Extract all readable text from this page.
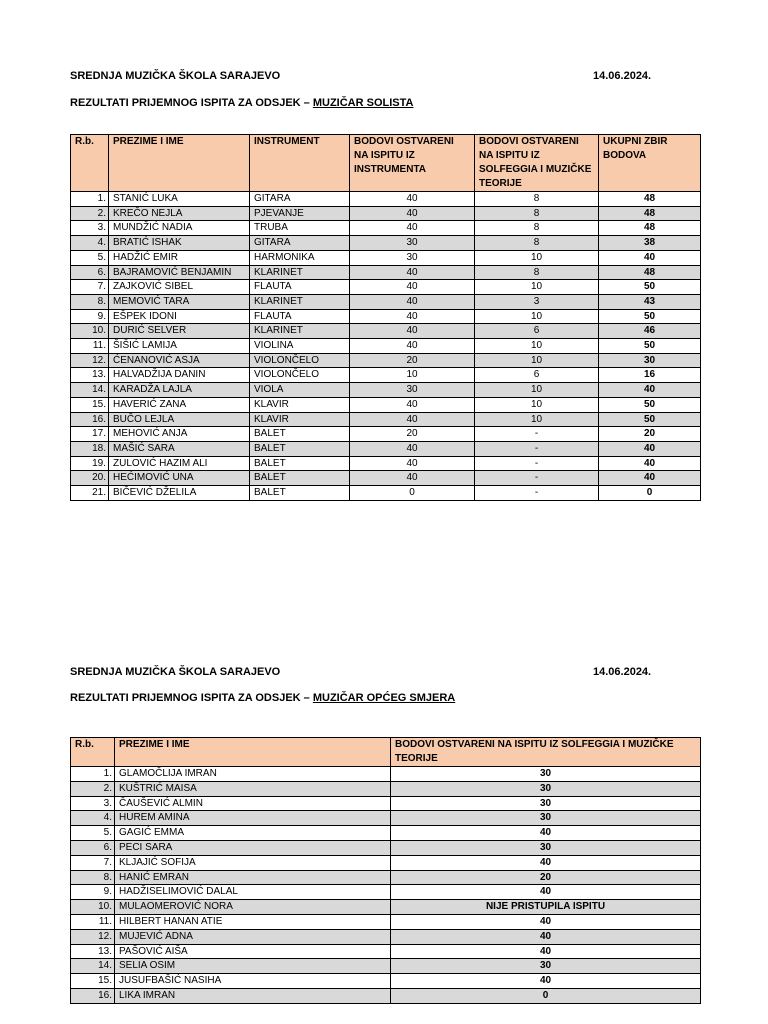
SREDNJA MUZIČKA ŠKOLA SARAJEVO	14.06.2024.
REZULTATI PRIJEMNOG ISPITA ZA ODSJEK – MUZIČAR SOLISTA
R.b.	PREZIME I IME	INSTRUMENT	BODOVI OSTVARENI NA ISPITU IZ INSTRUMENTA	BODOVI OSTVARENI NA ISPITU IZ SOLFEGGIA I MUZIČKE TEORIJE	UKUPNI ZBIR BODOVA
1.	STANIĆ LUKA	GITARA	40	8	48
2.	KREČO NEJLA	PJEVANJE	40	8	48
3.	MUNDŽIĆ NADIA	TRUBA	40	8	48
4.	BRATIĆ ISHAK	GITARA	30	8	38
5.	HADŽIĆ EMIR	HARMONIKA	30	10	40
6.	BAJRAMOVIĆ BENJAMIN	KLARINET	40	8	48
7.	ZAJKOVIĆ SIBEL	FLAUTA	40	10	50
8.	MEMOVIĆ TARA	KLARINET	40	3	43
9.	EŠPEK IDONI	FLAUTA	40	10	50
10.	DURIĆ SELVER	KLARINET	40	6	46
11.	ŠIŠIĆ LAMIJA	VIOLINA	40	10	50
12.	ĆENANOVIĆ ASJA	VIOLONČELO	20	10	30
13.	HALVADŽIJA DANIN	VIOLONČELO	10	6	16
14.	KARADŽA LAJLA	VIOLA	30	10	40
15.	HAVERIĆ ZANA	KLAVIR	40	10	50
16.	BUČO LEJLA	KLAVIR	40	10	50
17.	MEHOVIĆ ANJA	BALET	20	-	20
18.	MAŠIĆ SARA	BALET	40	-	40
19.	ZULOVIĆ HAZIM ALI	BALET	40	-	40
20.	HEĆIMOVIĆ UNA	BALET	40	-	40
21.	BIČEVIĆ DŽELILA	BALET	0	-	0
SREDNJA MUZIČKA ŠKOLA SARAJEVO	14.06.2024.
REZULTATI PRIJEMNOG ISPITA ZA ODSJEK – MUZIČAR OPĆEG SMJERA
R.b.	PREZIME I IME	BODOVI OSTVARENI NA ISPITU IZ SOLFEGGIA I MUZIČKE TEORIJE
1.	GLAMOČLIJA IMRAN	30
2.	KUŠTRIĆ MAISA	30
3.	ČAUŠEVIĆ ALMIN	30
4.	HUREM AMINA	30
5.	GAGIĆ EMMA	40
6.	PECI SARA	30
7.	KLJAJIĆ SOFIJA	40
8.	HANIĆ EMRAN	20
9.	HADŽISELIMOVIĆ DALAL	40
10.	MULAOMEROVIĆ NORA	NIJE PRISTUPILA ISPITU
11.	HILBERT HANAN ATIE	40
12.	MUJEVIĆ ADNA	40
13.	PAŠOVIĆ AIŠA	40
14.	SELIA OSIM	30
15.	JUSUFBAŠIĆ NASIHA	40
16.	LIKA IMRAN	0
